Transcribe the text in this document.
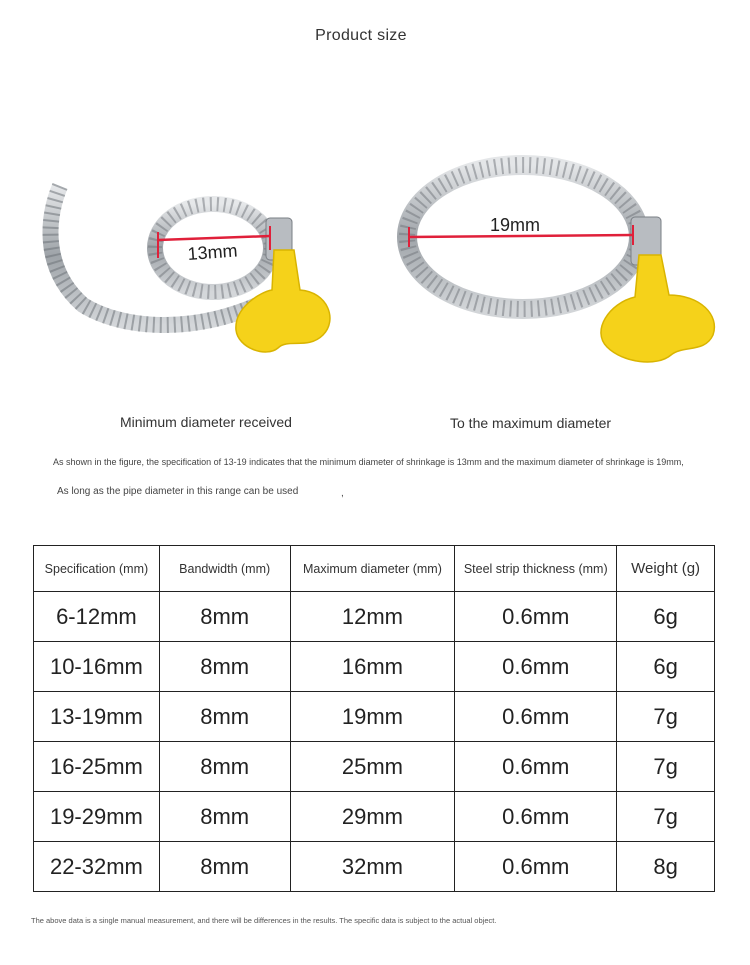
Product size
13mm
19mm
Minimum diameter received	To the maximum diameter
As shown in the figure, the specification of 13-19 indicates that the minimum diameter of shrinkage is 13mm and the maximum diameter of shrinkage is 19mm,
As long as the pipe diameter in this range can be used	,
Specification (mm)	Bandwidth (mm)	Maximum diameter (mm)	Steel strip thickness (mm)	Weight (g)
6-12mm	8mm	12mm	0.6mm	6g
10-16mm	8mm	16mm	0.6mm	6g
13-19mm	8mm	19mm	0.6mm	7g
16-25mm	8mm	25mm	0.6mm	7g
19-29mm	8mm	29mm	0.6mm	7g
22-32mm	8mm	32mm	0.6mm	8g
The above data is a single manual measurement, and there will be differences in the results. The specific data is subject to the actual object.
